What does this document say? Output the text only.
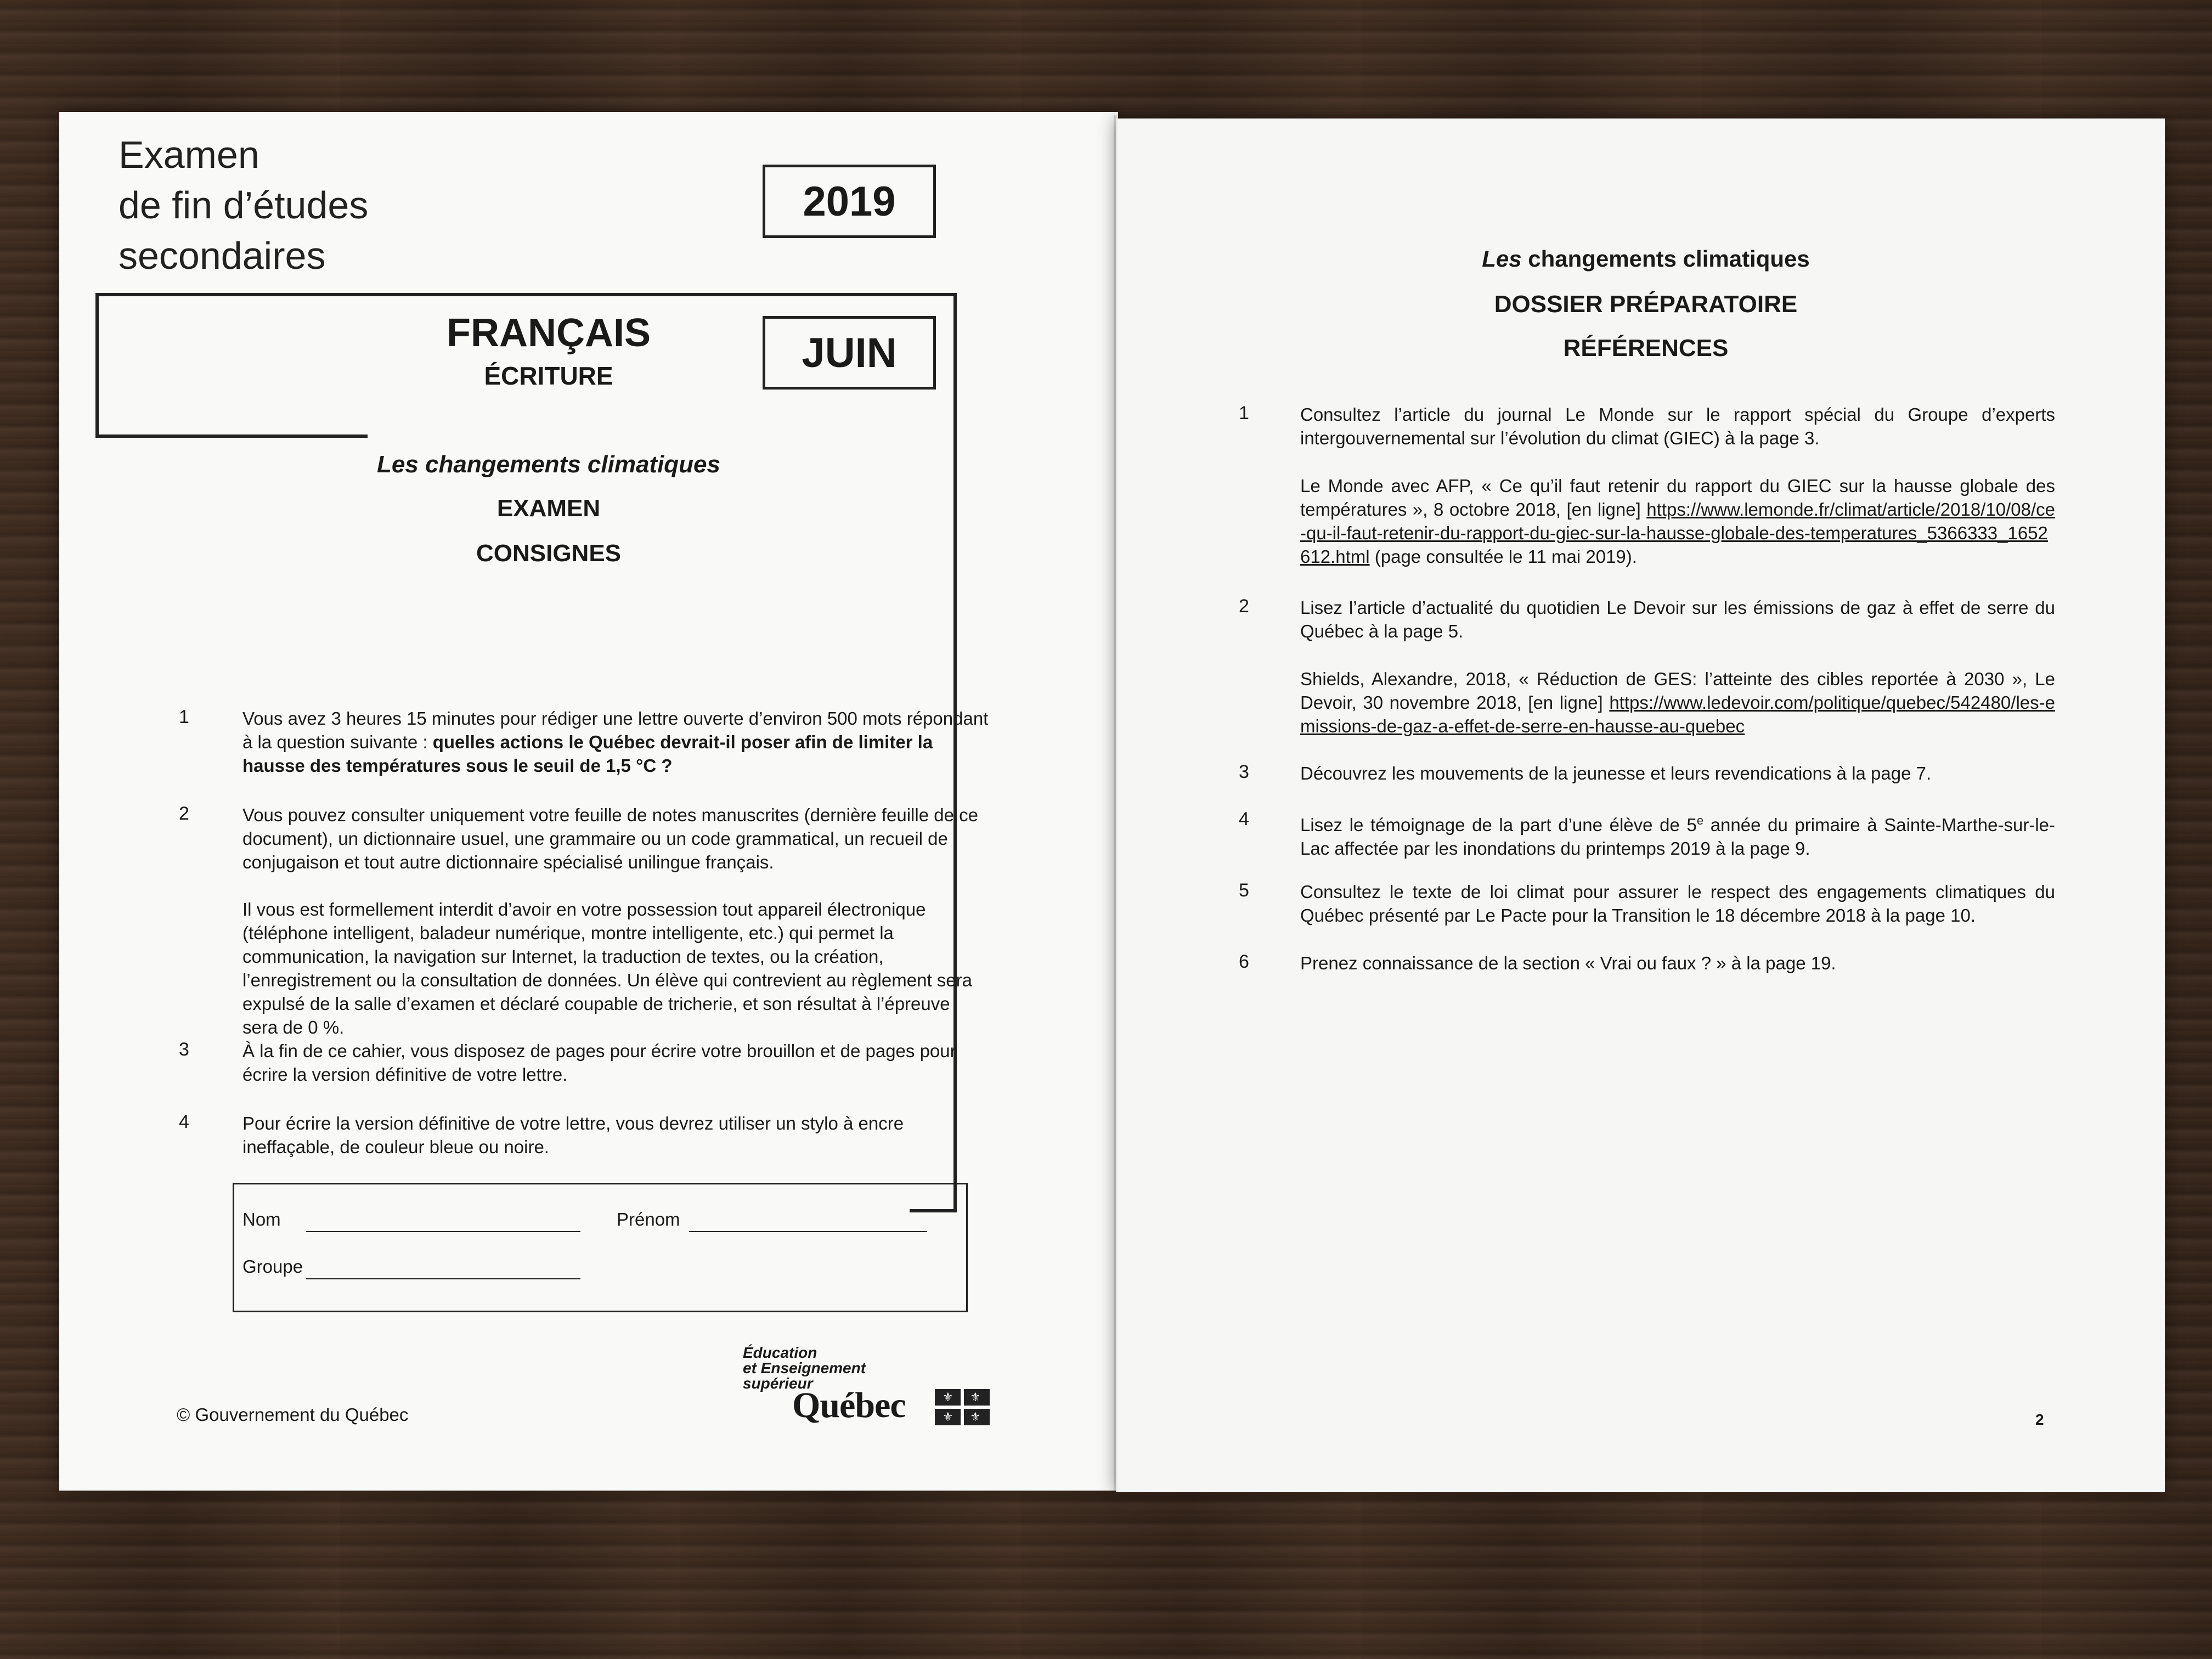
Examen
de fin d’études
secondaires
2019
FRANÇAIS
ÉCRITURE	JUIN
Les changements climatiques
EXAMEN
CONSIGNES
1	Vous avez 3 heures 15 minutes pour rédiger une lettre ouverte d’environ 500 mots répondant à la question suivante : quelles actions le Québec devrait-il poser afin de limiter la hausse des températures sous le seuil de 1,5 °C ?
2	Vous pouvez consulter uniquement votre feuille de notes manuscrites (dernière feuille de ce document), un dictionnaire usuel, une grammaire ou un code grammatical, un recueil de conjugaison et tout autre dictionnaire spécialisé unilingue français.
Il vous est formellement interdit d’avoir en votre possession tout appareil électronique (téléphone intelligent, baladeur numérique, montre intelligente, etc.) qui permet la communication, la navigation sur Internet, la traduction de textes, ou la création, l’enregistrement ou la consultation de données. Un élève qui contrevient au règlement sera expulsé de la salle d’examen et déclaré coupable de tricherie, et son résultat à l’épreuve sera de 0 %.
3	À la fin de ce cahier, vous disposez de pages pour écrire votre brouillon et de pages pour écrire la version définitive de votre lettre.
4	Pour écrire la version définitive de votre lettre, vous devrez utiliser un stylo à encre ineffaçable, de couleur bleue ou noire.
Nom	Prénom
Groupe
© Gouvernement du Québec
Éducation
et Enseignement
supérieur
Québec	⚜ ⚜
⚜ ⚜
Les changements climatiques
DOSSIER PRÉPARATOIRE
RÉFÉRENCES
1	Consultez l’article du journal Le Monde sur le rapport spécial du Groupe d’experts intergouvernemental sur l’évolution du climat (GIEC) à la page 3.
Le Monde avec AFP, « Ce qu’il faut retenir du rapport du GIEC sur la hausse globale des températures », 8 octobre 2018, [en ligne] https://www.lemonde.fr/climat/article/2018/10/08/ce-qu-il-faut-retenir-du-rapport-du-giec-sur-la-hausse-globale-des-temperatures_5366333_1652612.html (page consultée le 11 mai 2019).
2	Lisez l’article d’actualité du quotidien Le Devoir sur les émissions de gaz à effet de serre du Québec à la page 5.
Shields, Alexandre, 2018, « Réduction de GES: l’atteinte des cibles reportée à 2030 », Le Devoir, 30 novembre 2018, [en ligne] https://www.ledevoir.com/politique/quebec/542480/les-emissions-de-gaz-a-effet-de-serre-en-hausse-au-quebec
3	Découvrez les mouvements de la jeunesse et leurs revendications à la page 7.
4	Lisez le témoignage de la part d’une élève de 5e année du primaire à Sainte-Marthe-sur-le-Lac affectée par les inondations du printemps 2019 à la page 9.
5	Consultez le texte de loi climat pour assurer le respect des engagements climatiques du Québec présenté par Le Pacte pour la Transition le 18 décembre 2018 à la page 10.
6	Prenez connaissance de la section « Vrai ou faux ? » à la page 19.
2
